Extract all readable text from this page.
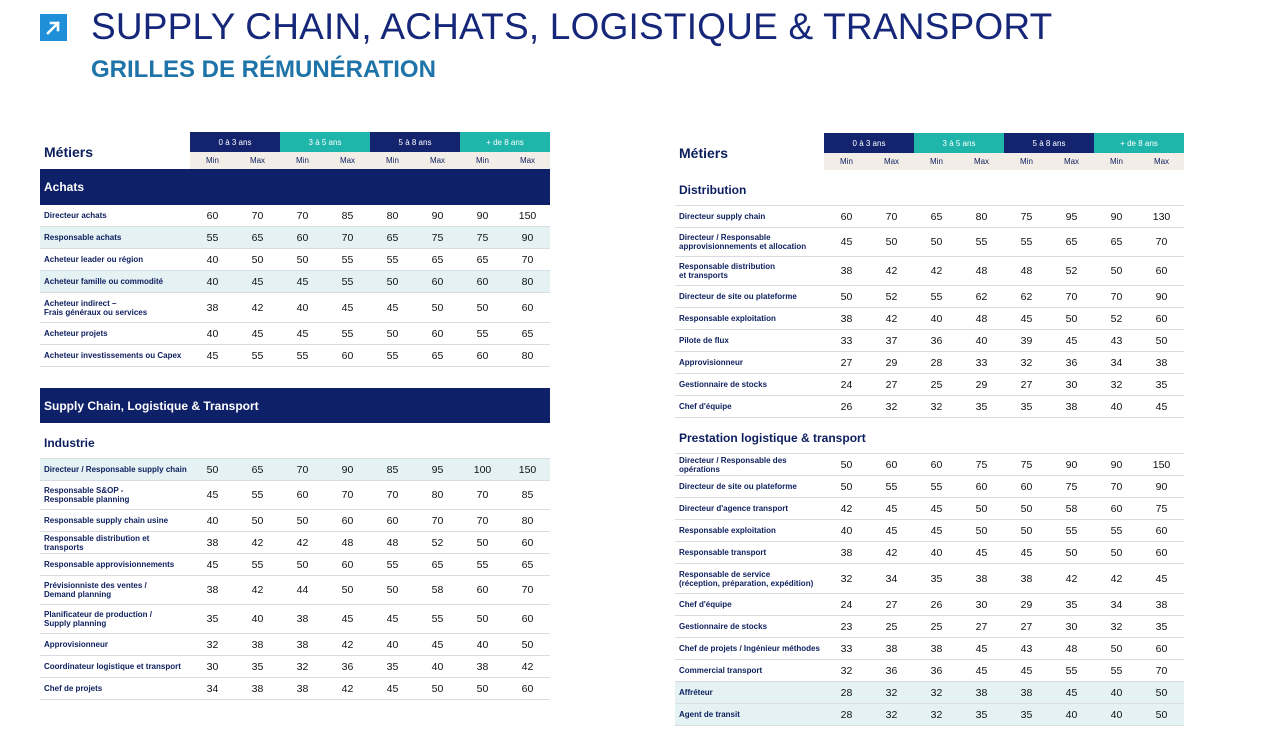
SUPPLY CHAIN, ACHATS, LOGISTIQUE & TRANSPORT
GRILLES DE RÉMUNÉRATION
Métiers
0 à 3 ans	3 à 5 ans	5 à 8 ans	+ de 8 ans
Min	Max	Min	Max	Min	Max	Min	Max
Achats
Directeur achats	60	70	70	85	80	90	90	150
Responsable achats	55	65	60	70	65	75	75	90
Acheteur leader ou région	40	50	50	55	55	65	65	70
Acheteur famille ou commodité	40	45	45	55	50	60	60	80
Acheteur indirect –
Frais généraux ou services	38	42	40	45	45	50	50	60
Acheteur projets	40	45	45	55	50	60	55	65
Acheteur investissements ou Capex	45	55	55	60	55	65	60	80
Supply Chain, Logistique & Transport
Industrie
Directeur / Responsable supply chain	50	65	70	90	85	95	100	150
Responsable S&OP -
Responsable planning	45	55	60	70	70	80	70	85
Responsable supply chain usine	40	50	50	60	60	70	70	80
Responsable distribution et transports	38	42	42	48	48	52	50	60
Responsable approvisionnements	45	55	50	60	55	65	55	65
Prévisionniste des ventes /
Demand planning	38	42	44	50	50	58	60	70
Planificateur de production /
Supply planning	35	40	38	45	45	55	50	60
Approvisionneur	32	38	38	42	40	45	40	50
Coordinateur logistique et transport	30	35	32	36	35	40	38	42
Chef de projets	34	38	38	42	45	50	50	60
Métiers
0 à 3 ans	3 à 5 ans	5 à 8 ans	+ de 8 ans
Min	Max	Min	Max	Min	Max	Min	Max
Distribution
Directeur supply chain	60	70	65	80	75	95	90	130
Directeur / Responsable
approvisionnements et allocation	45	50	50	55	55	65	65	70
Responsable distribution
et transports	38	42	42	48	48	52	50	60
Directeur de site ou plateforme	50	52	55	62	62	70	70	90
Responsable exploitation	38	42	40	48	45	50	52	60
Pilote de flux	33	37	36	40	39	45	43	50
Approvisionneur	27	29	28	33	32	36	34	38
Gestionnaire de stocks	24	27	25	29	27	30	32	35
Chef d'équipe	26	32	32	35	35	38	40	45
Prestation logistique & transport
Directeur / Responsable des opérations	50	60	60	75	75	90	90	150
Directeur de site ou plateforme	50	55	55	60	60	75	70	90
Directeur d'agence transport	42	45	45	50	50	58	60	75
Responsable exploitation	40	45	45	50	50	55	55	60
Responsable transport	38	42	40	45	45	50	50	60
Responsable de service
(réception, préparation, expédition)	32	34	35	38	38	42	42	45
Chef d'équipe	24	27	26	30	29	35	34	38
Gestionnaire de stocks	23	25	25	27	27	30	32	35
Chef de projets / Ingénieur méthodes	33	38	38	45	43	48	50	60
Commercial transport	32	36	36	45	45	55	55	70
Affréteur	28	32	32	38	38	45	40	50
Agent de transit	28	32	32	35	35	40	40	50
